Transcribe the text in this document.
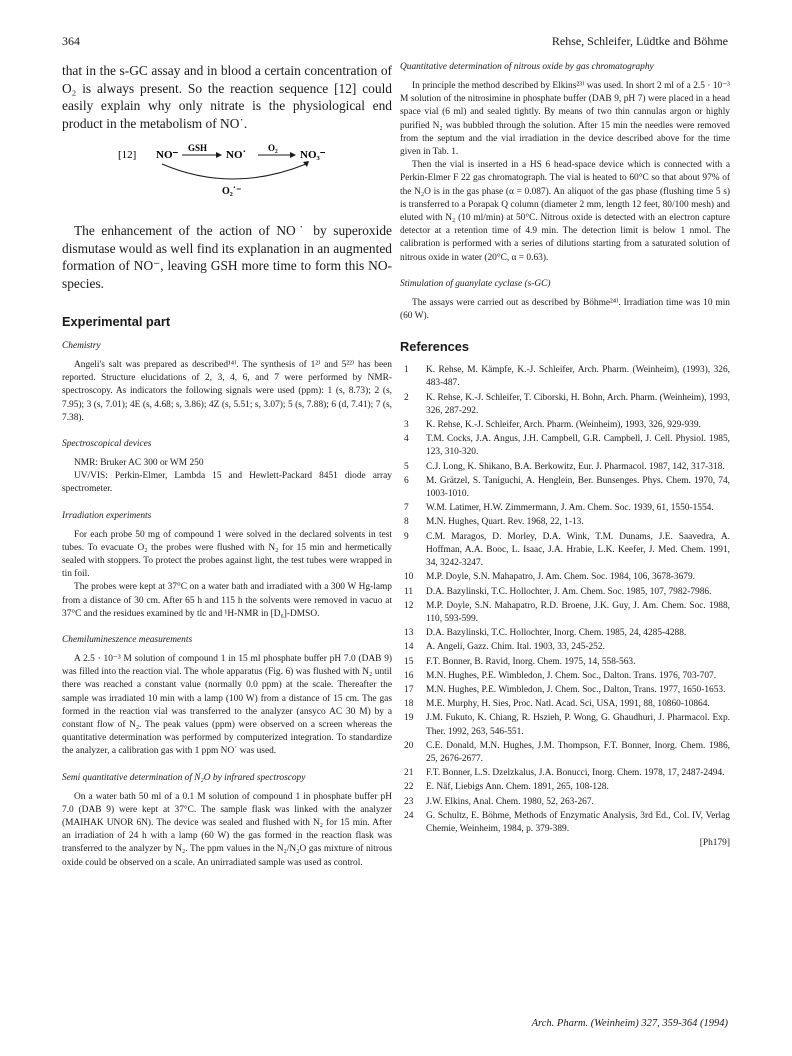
364	Rehse, Schleifer, Lüdtke and Böhme

that in the s-GC assay and in blood a certain concentration of O₂ is always present. So the reaction sequence [12] could easily explain why only nitrate is the physiological end product in the metabolism of NO˙.

[12] NO⁻
GSH
NO˙
O₂
NO₃⁻
O₂˙⁻

The enhancement of the action of NO˙ by superoxide dismutase would as well find its explanation in an augmented formation of NO⁻, leaving GSH more time to form this NO-species.

Experimental part

Chemistry

Angeli's salt was prepared as described¹⁴⁾. The synthesis of 1²⁾ and 5²²⁾ has been reported. Structure elucidations of 2, 3, 4, 6, and 7 were performed by NMR-spectroscopy. As indicators the following signals were used (ppm): 1 (s, 8.73); 2 (s, 7.95); 3 (s, 7.01); 4E (s, 4.68; s, 3.86); 4Z (s, 5.51; s, 3.07); 5 (s, 7.88); 6 (d, 7.41); 7 (s, 7.38).

Spectroscopical devices

NMR: Bruker AC 300 or WM 250

UV/VIS: Perkin-Elmer, Lambda 15 and Hewlett-Packard 8451 diode array spectrometer.

Irradiation experiments

For each probe 50 mg of compound 1 were solved in the declared solvents in test tubes. To evacuate O₂ the probes were flushed with N₂ for 15 min and hermetically sealed with stoppers. To protect the probes against light, the test tubes were wrapped in tin foil.

The probes were kept at 37°C on a water bath and irradiated with a 300 W Hg-lamp from a distance of 30 cm. After 65 h and 115 h the solvents were removed in vacuo at 37°C and the residues examined by tlc and ¹H-NMR in [D₆]-DMSO.

Chemilumineszence measurements

A 2.5 · 10⁻³ M solution of compound 1 in 15 ml phosphate buffer pH 7.0 (DAB 9) was filled into the reaction vial. The whole apparatus (Fig. 6) was flushed with N₂ until there was reached a constant value (normally 0.0 ppm) at the scale. Thereafter the sample was irradiated 10 min with a lamp (100 W) from a distance of 15 cm. The gas formed in the reaction vial was transferred to the analyzer (ansyco AC 30 M) by a constant flow of N₂. The peak values (ppm) were observed on a screen whereas the quantitative determination was performed by computerized integration. To standardize the analyzer, a calibration gas with 1 ppm NO˙ was used.

Semi quantitative determination of N₂O by infrared spectroscopy

On a water bath 50 ml of a 0.1 M solution of compound 1 in phosphate buffer pH 7.0 (DAB 9) were kept at 37°C. The sample flask was linked with the analyzer (MAIHAK UNOR 6N). The device was sealed and flushed with N₂ for 15 min. After an irradiation of 24 h with a lamp (60 W) the gas formed in the reaction flask was transferred to the analyzer by N₂. The ppm values in the N₂/N₂O gas mixture of nitrous oxide could be observed on a scale. An unirradiated sample was used as control.

Quantitative determination of nitrous oxide by gas chromatography

In principle the method described by Elkins²³⁾ was used. In short 2 ml of a 2.5 · 10⁻³ M solution of the nitrosimine in phosphate buffer (DAB 9, pH 7) were placed in a head space vial (6 ml) and sealed tightly. By means of two thin cannulas argon or highly purified N₂ was bubbled through the solution. After 15 min the needles were removed from the septum and the vial irradiation in the device described above for the time given in Tab. 1.

Then the vial is inserted in a HS 6 head-space device which is connected with a Perkin-Elmer F 22 gas chromatograph. The vial is heated to 60°C so that about 97% of the N₂O is in the gas phase (α = 0.087). An aliquot of the gas phase (flushing time 5 s) is transferred to a Porapak Q column (diameter 2 mm, length 12 feet, 80/100 mesh) and eluted with N₂ (10 ml/min) at 50°C. Nitrous oxide is detected with an electron capture detector at a retention time of 4.9 min. The detection limit is below 1 nmol. The calibration is performed with a series of dilutions starting from a saturated solution of nitrous oxide in water (20°C, α = 0.63).

Stimulation of guanylate cyclase (s-GC)

The assays were carried out as described by Böhme²⁴⁾. Irradiation time was 10 min (60 W).

References
1	K. Rehse, M. Kämpfe, K.-J. Schleifer, Arch. Pharm. (Weinheim), (1993), 326, 483-487.
2	K. Rehse, K.-J. Schleifer, T. Ciborski, H. Bohn, Arch. Pharm. (Weinheim), 1993, 326, 287-292.
3	K. Rehse, K.-J. Schleifer, Arch. Pharm. (Weinheim), 1993, 326, 929-939.
4	T.M. Cocks, J.A. Angus, J.H. Campbell, G.R. Campbell, J. Cell. Physiol. 1985, 123, 310-320.
5	C.J. Long, K. Shikano, B.A. Berkowitz, Eur. J. Pharmacol. 1987, 142, 317-318.
6	M. Grätzel, S. Taniguchi, A. Henglein, Ber. Bunsenges. Phys. Chem. 1970, 74, 1003-1010.
7	W.M. Latimer, H.W. Zimmermann, J. Am. Chem. Soc. 1939, 61, 1550-1554.
8	M.N. Hughes, Quart. Rev. 1968, 22, 1-13.
9	C.M. Maragos, D. Morley, D.A. Wink, T.M. Dunams, J.E. Saavedra, A. Hoffman, A.A. Booc, L. Isaac, J.A. Hrabie, L.K. Keefer, J. Med. Chem. 1991, 34, 3242-3247.
10	M.P. Doyle, S.N. Mahapatro, J. Am. Chem. Soc. 1984, 106, 3678-3679.
11	D.A. Bazylinski, T.C. Hollochter, J. Am. Chem. Soc. 1985, 107, 7982-7986.
12	M.P. Doyle, S.N. Mahapatro, R.D. Broene, J.K. Guy, J. Am. Chem. Soc. 1988, 110, 593-599.
13	D.A. Bazylinski, T.C. Hollochter, Inorg. Chem. 1985, 24, 4285-4288.
14	A. Angeli, Gazz. Chim. Ital. 1903, 33, 245-252.
15	F.T. Bonner, B. Ravid, Inorg. Chem. 1975, 14, 558-563.
16	M.N. Hughes, P.E. Wimbledon, J. Chem. Soc., Dalton. Trans. 1976, 703-707.
17	M.N. Hughes, P.E. Wimbledon, J. Chem. Soc., Dalton, Trans. 1977, 1650-1653.
18	M.E. Murphy, H. Sies, Proc. Natl. Acad. Sci, USA, 1991, 88, 10860-10864.
19	J.M. Fukuto, K. Chiang, R. Hszieh, P. Wong, G. Ghaudhuri, J. Pharmacol. Exp. Ther. 1992, 263, 546-551.
20	C.E. Donald, M.N. Hughes, J.M. Thompson, F.T. Bonner, Inorg. Chem. 1986, 25, 2676-2677.
21	F.T. Bonner, L.S. Dzelzkalus, J.A. Bonucci, Inorg. Chem. 1978, 17, 2487-2494.
22	E. Näf, Liebigs Ann. Chem. 1891, 265, 108-128.
23	J.W. Elkins, Anal. Chem. 1980, 52, 263-267.
24	G. Schultz, E. Böhme, Methods of Enzymatic Analysis, 3rd Ed., Col. IV, Verlag Chemie, Weinheim, 1984, p. 379-389.
[Ph179]
Arch. Pharm. (Weinheim) 327, 359-364 (1994)
